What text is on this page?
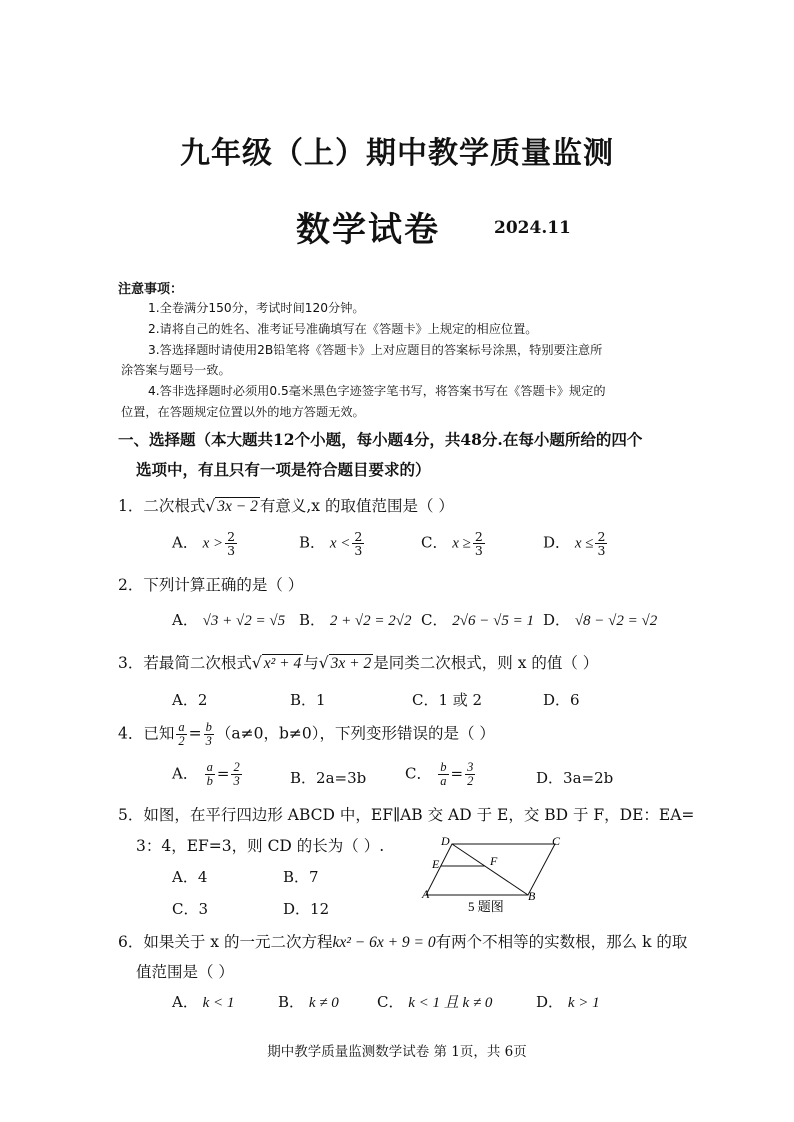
九年级（上）期中教学质量监测
数学试卷	2024.11
注意事项：
1.全卷满分150分，考试时间120分钟。
2.请将自己的姓名、准考证号准确填写在《答题卡》上规定的相应位置。
3.答选择题时请使用2B铅笔将《答题卡》上对应题目的答案标号涂黑，特别要注意所
涂答案与题号一致。
4.答非选择题时必须用0.5毫米黑色字迹签字笔书写，将答案书写在《答题卡》规定的
位置，在答题规定位置以外的地方答题无效。
一、选择题（本大题共12个小题，每小题4分，共48分.在每小题所给的四个
选项中，有且只有一项是符合题目要求的）
1．二次根式√ 3x − 2 有意义,x 的取值范围是（ ）
A． $x > \frac{2}{3}$	B． $x < \frac{2}{3}$	C． $x \ge \frac{2}{3}$	D． $x \le \frac{2}{3}$
2．下列计算正确的是（ ）
A． √3 + √2 = √5 B． 2 + √2 = 2√2 C． 2√6 − √5 = 1 D． √8 − √2 = √2
3．若最简二次根式√ x² + 4 与√ 3x + 2 是同类二次根式，则 x 的值（ ）
A．2	B．1	C．1 或 2	D．6
4．已知 $\frac{a}{2} = \frac{b}{3} (a\ne 0$，b≠0），下列变形错误的是（ ）
A． $\frac{a}{b} = \frac{2}{3}$	B．2a=3b	C． $\frac{b}{a} = \frac{3}{2}$	D．3a=2b
5．如图，在平行四边形 ABCD 中，EF∥AB 交 AD 于 E，交 BD 于 F，DE：EA=
3：4，EF=3，则 CD 的长为（ ）.
A．4	B．7
C．3	D．12
D	C
E	F
A	B
5 题图
6．如果关于 x 的一元二次方程kx² − 6x + 9 = 0有两个不相等的实数根，那么 k 的取
值范围是（ ）
A． k < 1	B． k ≠ 0	C． k < 1 且 k ≠ 0	D． k > 1
期中教学质量监测数学试卷 第 1页，共 6页
